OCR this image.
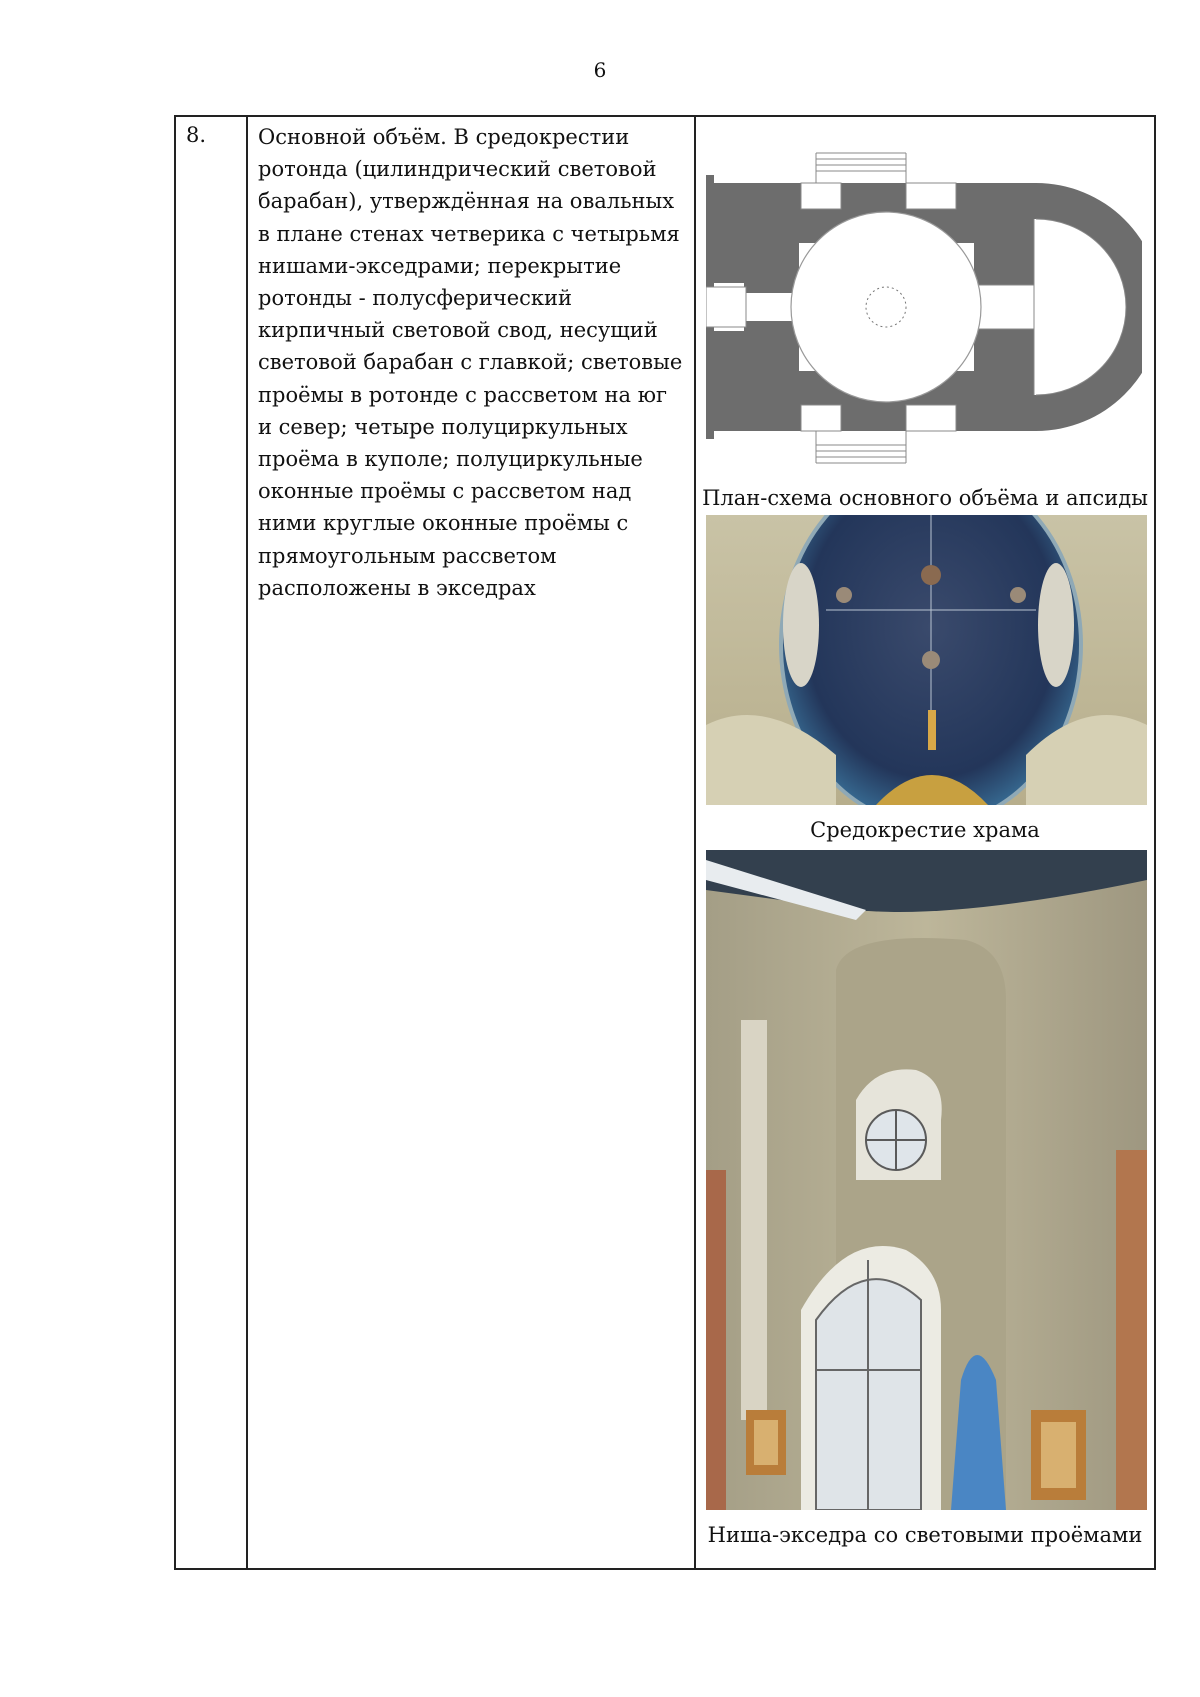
6
8.	Основной объём. В средокрестии ротонда (цилиндрический световой барабан), утверждённая на овальных в плане стенах четверика с четырьмя нишами-экседрами; перекрытие ротонды - полусферический кирпичный световой свод, несущий световой барабан с главкой; световые проёмы в ротонде с рассветом на юг и север; четыре полуциркульных проёма в куполе; полуциркульные оконные проёмы с рассветом над ними круглые оконные проёмы с прямоугольным рассветом расположены в экседрах

План-схема основного объёма и апсиды
Средокрестие храма
Ниша-экседра со световыми проёмами
